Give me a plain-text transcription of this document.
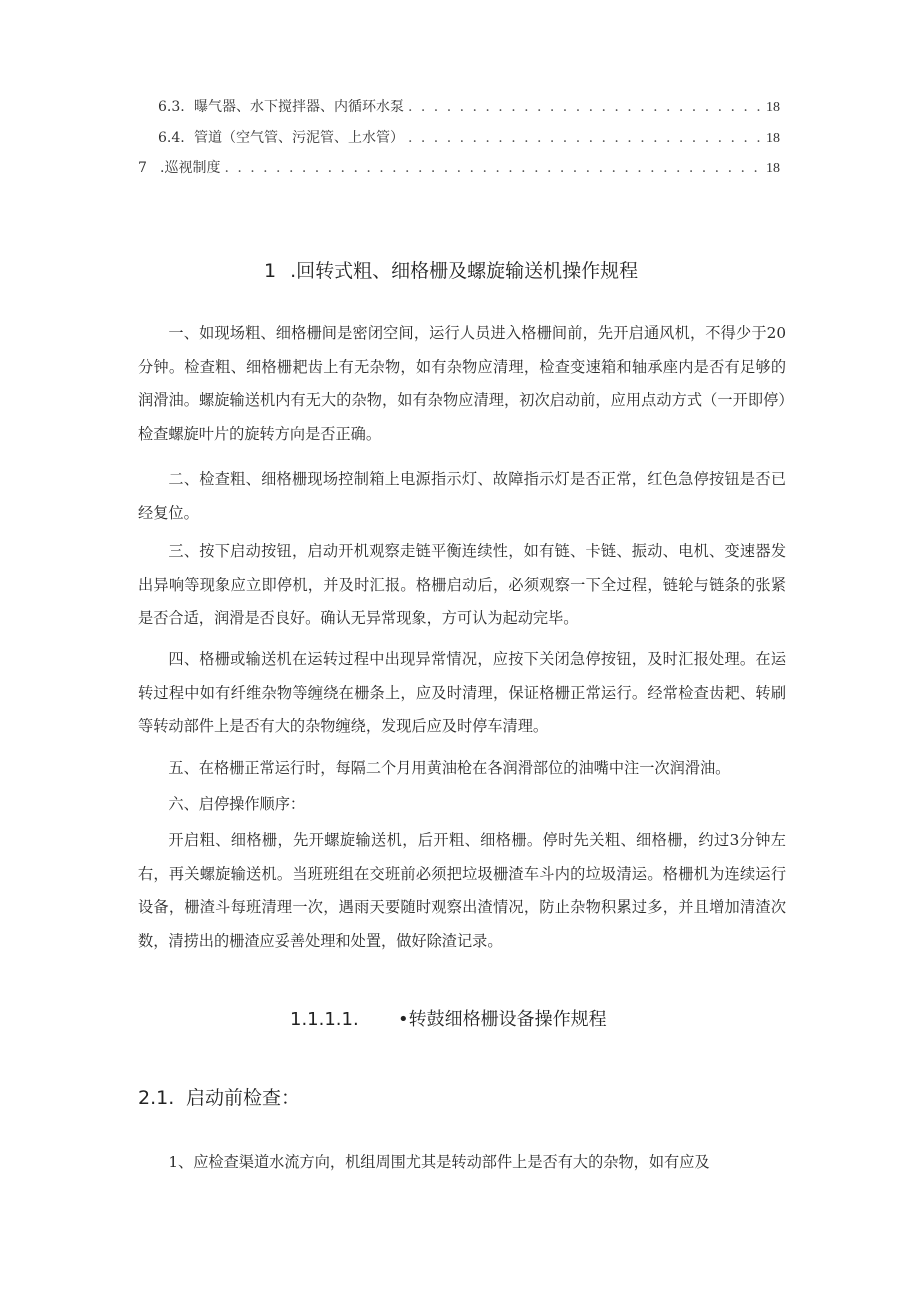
6.3. 曝气器、水下搅拌器、内循环水泵 . . .	18
6.4. 管道（空气管、污泥管、上水管） . . .	18
7 .巡视制度 . . .	18
1 .回转式粗、细格栅及螺旋输送机操作规程

一、如现场粗、细格栅间是密闭空间，运行人员进入格栅间前，先开启通风机，不得少于20分钟。检查粗、细格栅耙齿上有无杂物，如有杂物应清理，检查变速箱和轴承座内是否有足够的润滑油。螺旋输送机内有无大的杂物，如有杂物应清理，初次启动前，应用点动方式（一开即停）检查螺旋叶片的旋转方向是否正确。

二、检查粗、细格栅现场控制箱上电源指示灯、故障指示灯是否正常，红色急停按钮是否已经复位。

三、按下启动按钮，启动开机观察走链平衡连续性，如有链、卡链、振动、电机、变速器发出异响等现象应立即停机，并及时汇报。格栅启动后，必须观察一下全过程，链轮与链条的张紧是否合适，润滑是否良好。确认无异常现象，方可认为起动完毕。

四、格栅或输送机在运转过程中出现异常情况，应按下关闭急停按钮，及时汇报处理。在运转过程中如有纤维杂物等缠绕在栅条上，应及时清理，保证格栅正常运行。经常检查齿耙、转刷等转动部件上是否有大的杂物缠绕，发现后应及时停车清理。

五、在格栅正常运行时，每隔二个月用黄油枪在各润滑部位的油嘴中注一次润滑油。

六、启停操作顺序：

开启粗、细格栅，先开螺旋输送机，后开粗、细格栅。停时先关粗、细格栅，约过3分钟左右，再关螺旋输送机。当班班组在交班前必须把垃圾栅渣车斗内的垃圾清运。格栅机为连续运行设备，栅渣斗每班清理一次，遇雨天要随时观察出渣情况，防止杂物积累过多，并且增加清渣次数，清捞出的栅渣应妥善处理和处置，做好除渣记录。

1.1.1.1. •转鼓细格栅设备操作规程
2.1. 启动前检查：

1、应检查渠道水流方向，机组周围尤其是转动部件上是否有大的杂物，如有应及
